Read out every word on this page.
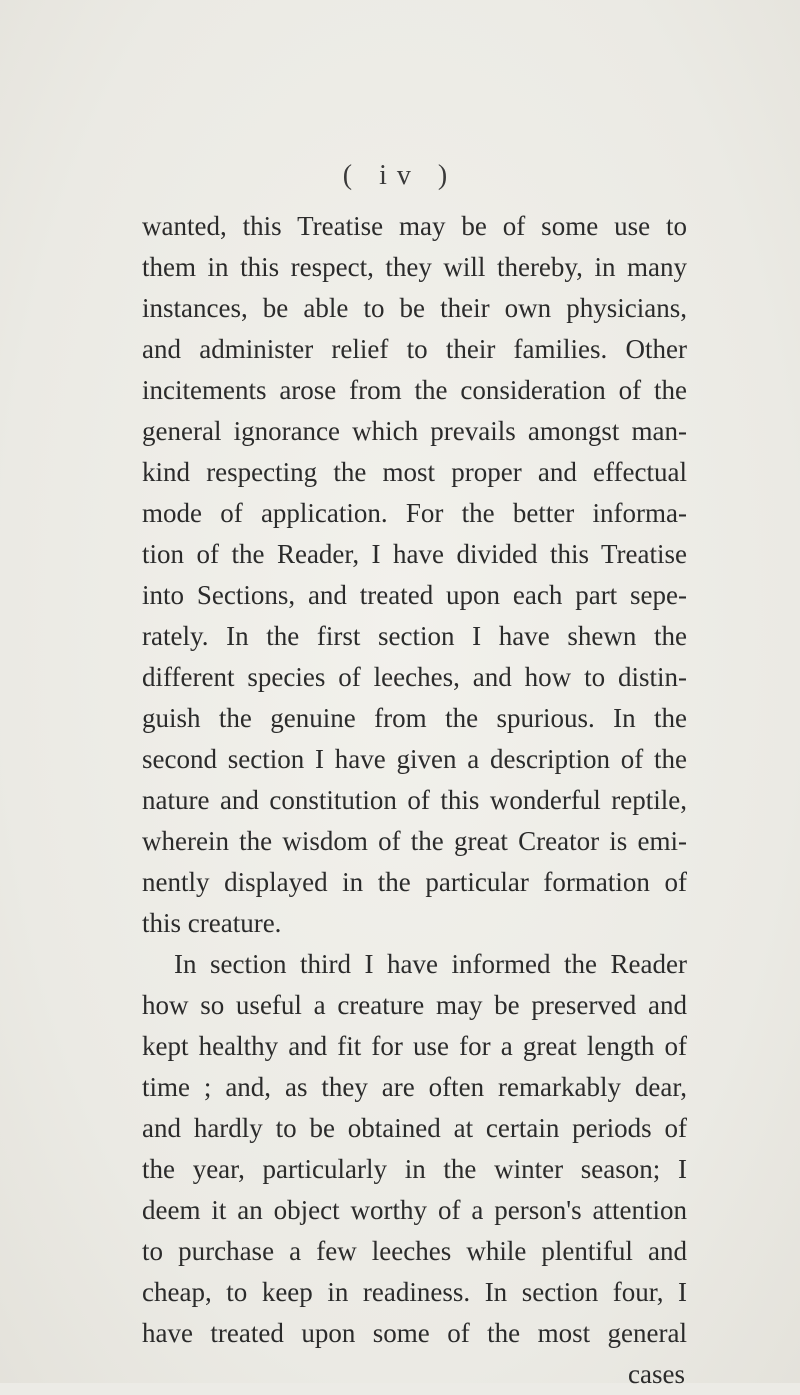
( iv )
wanted, this Treatise may be of some use to
them in this respect, they will thereby, in many
instances, be able to be their own physicians,
and administer relief to their families. Other
incitements arose from the consideration of the
general ignorance which prevails amongst man-
kind respecting the most proper and effectual
mode of application. For the better informa-
tion of the Reader, I have divided this Treatise
into Sections, and treated upon each part sepe-
rately. In the first section I have shewn the
different species of leeches, and how to distin-
guish the genuine from the spurious. In the
second section I have given a description of the
nature and constitution of this wonderful reptile,
wherein the wisdom of the great Creator is emi-
nently displayed in the particular formation of
this creature.
In section third I have informed the Reader
how so useful a creature may be preserved and
kept healthy and fit for use for a great length of
time ; and, as they are often remarkably dear,
and hardly to be obtained at certain periods of
the year, particularly in the winter season; I
deem it an object worthy of a person's attention
to purchase a few leeches while plentiful and
cheap, to keep in readiness. In section four, I
have treated upon some of the most general
cases
